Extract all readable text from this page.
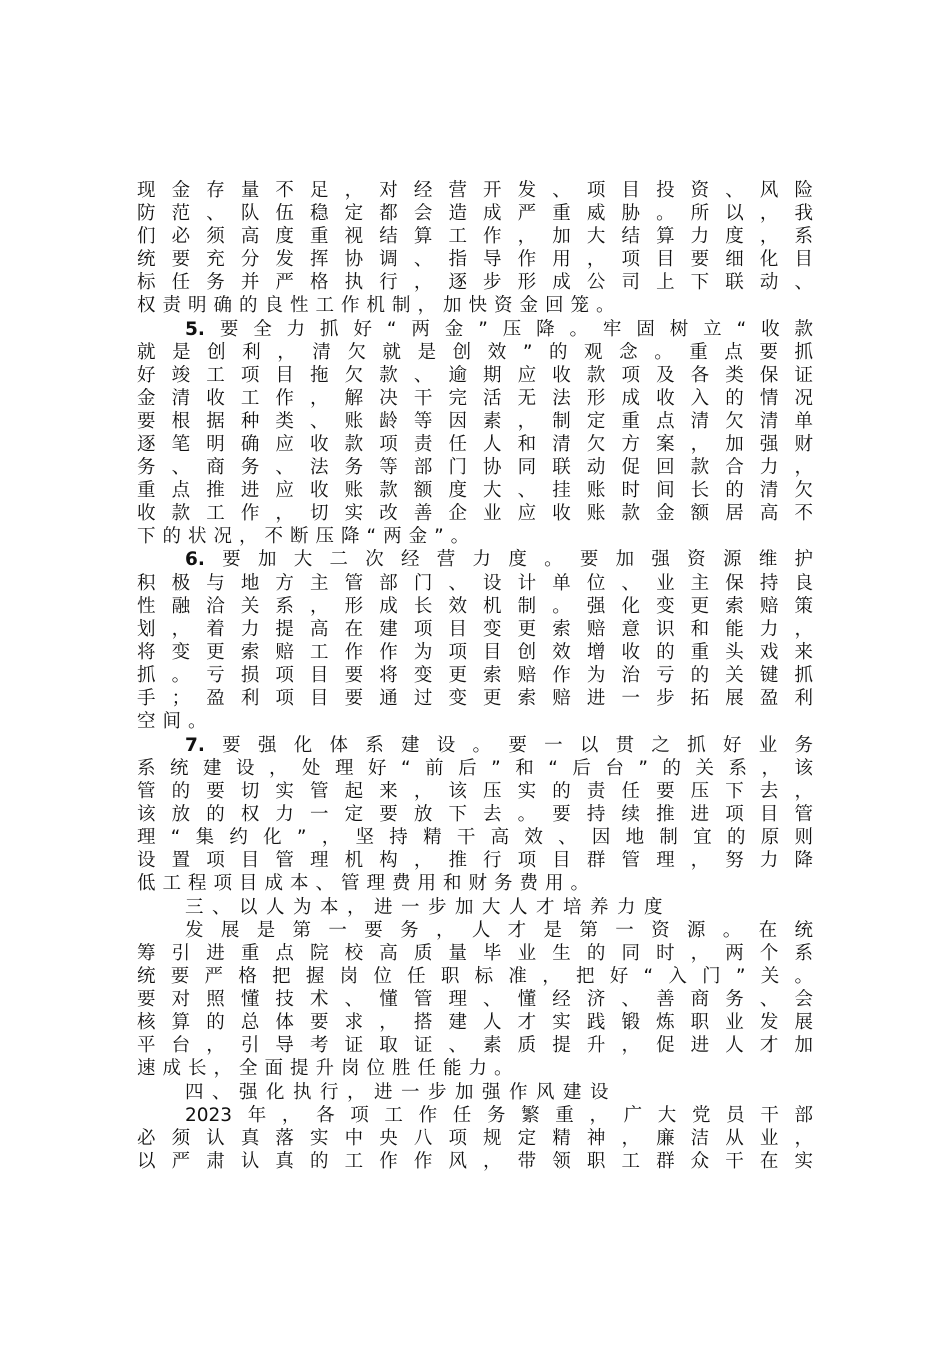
现金存量不足，对经营开发、项目投资、风险

防范、队伍稳定都会造成严重威胁。所以，我

们必须高度重视结算工作，加大结算力度，系

统要充分发挥协调、指导作用，项目要细化目

标任务并严格执行，逐步形成公司上下联动、

权责明确的良性工作机制，加快资金回笼。

5.要全力抓好“两金”压降。牢固树立“收款

就是创利，清欠就是创效”的观念。重点要抓

好竣工项目拖欠款、逾期应收款项及各类保证

金清收工作，解决干完活无法形成收入的情况

要根据种类、账龄等因素，制定重点清欠清单

逐笔明确应收款项责任人和清欠方案，加强财

务、商务、法务等部门协同联动促回款合力，

重点推进应收账款额度大、挂账时间长的清欠

收款工作，切实改善企业应收账款金额居高不

下的状况，不断压降“两金”。

6.要加大二次经营力度。要加强资源维护

积极与地方主管部门、设计单位、业主保持良

性融洽关系，形成长效机制。强化变更索赔策

划，着力提高在建项目变更索赔意识和能力，

将变更索赔工作作为项目创效增收的重头戏来

抓。亏损项目要将变更索赔作为治亏的关键抓

手；盈利项目要通过变更索赔进一步拓展盈利

空间。

7.要强化体系建设。要一以贯之抓好业务

系统建设，处理好“前后”和“后台”的关系，该

管的要切实管起来，该压实的责任要压下去，

该放的权力一定要放下去。要持续推进项目管

理“集约化”，坚持精干高效、因地制宜的原则

设置项目管理机构，推行项目群管理，努力降

低工程项目成本、管理费用和财务费用。

三、以人为本，进一步加大人才培养力度

发展是第一要务，人才是第一资源。在统

筹引进重点院校高质量毕业生的同时，两个系

统要严格把握岗位任职标准，把好“入门”关。

要对照懂技术、懂管理、懂经济、善商务、会

核算的总体要求，搭建人才实践锻炼职业发展

平台，引导考证取证、素质提升，促进人才加

速成长，全面提升岗位胜任能力。

四、强化执行，进一步加强作风建设

2023年，各项工作任务繁重，广大党员干部

必须认真落实中央八项规定精神，廉洁从业，

以严肃认真的工作作风，带领职工群众干在实
